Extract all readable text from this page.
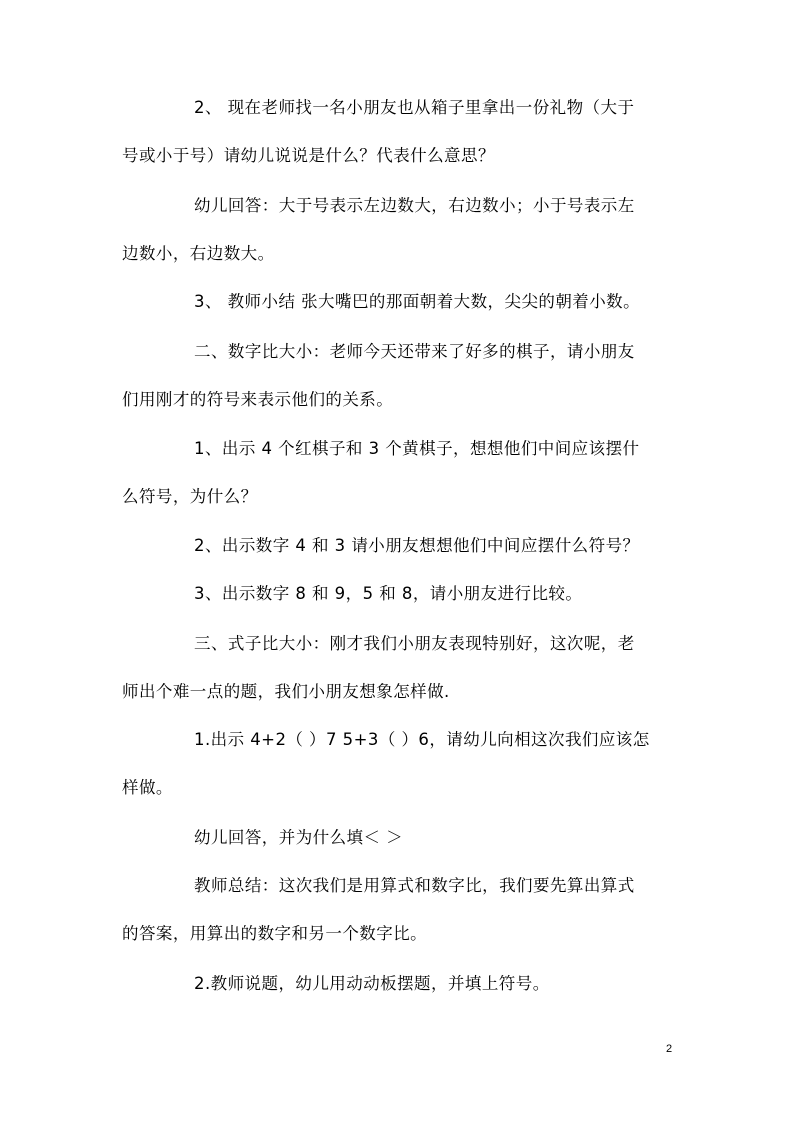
2、 现在老师找一名小朋友也从箱子里拿出一份礼物（大于
号或小于号）请幼儿说说是什么？代表什么意思？
幼儿回答：大于号表示左边数大，右边数小；小于号表示左
边数小，右边数大。
3、 教师小结 张大嘴巴的那面朝着大数，尖尖的朝着小数。
二、数字比大小：老师今天还带来了好多的棋子，请小朋友
们用刚才的符号来表示他们的关系。
1、出示 4 个红棋子和 3 个黄棋子，想想他们中间应该摆什
么符号，为什么？
2、出示数字 4 和 3 请小朋友想想他们中间应摆什么符号？
3、出示数字 8 和 9，5 和 8，请小朋友进行比较。
三、式子比大小：刚才我们小朋友表现特别好，这次呢，老
师出个难一点的题，我们小朋友想象怎样做.
1.出示 4+2（ ）7 5+3（ ）6，请幼儿向相这次我们应该怎
样做。
幼儿回答，并为什么填＜ ＞
教师总结：这次我们是用算式和数字比，我们要先算出算式
的答案，用算出的数字和另一个数字比。
2.教师说题，幼儿用动动板摆题，并填上符号。
2
